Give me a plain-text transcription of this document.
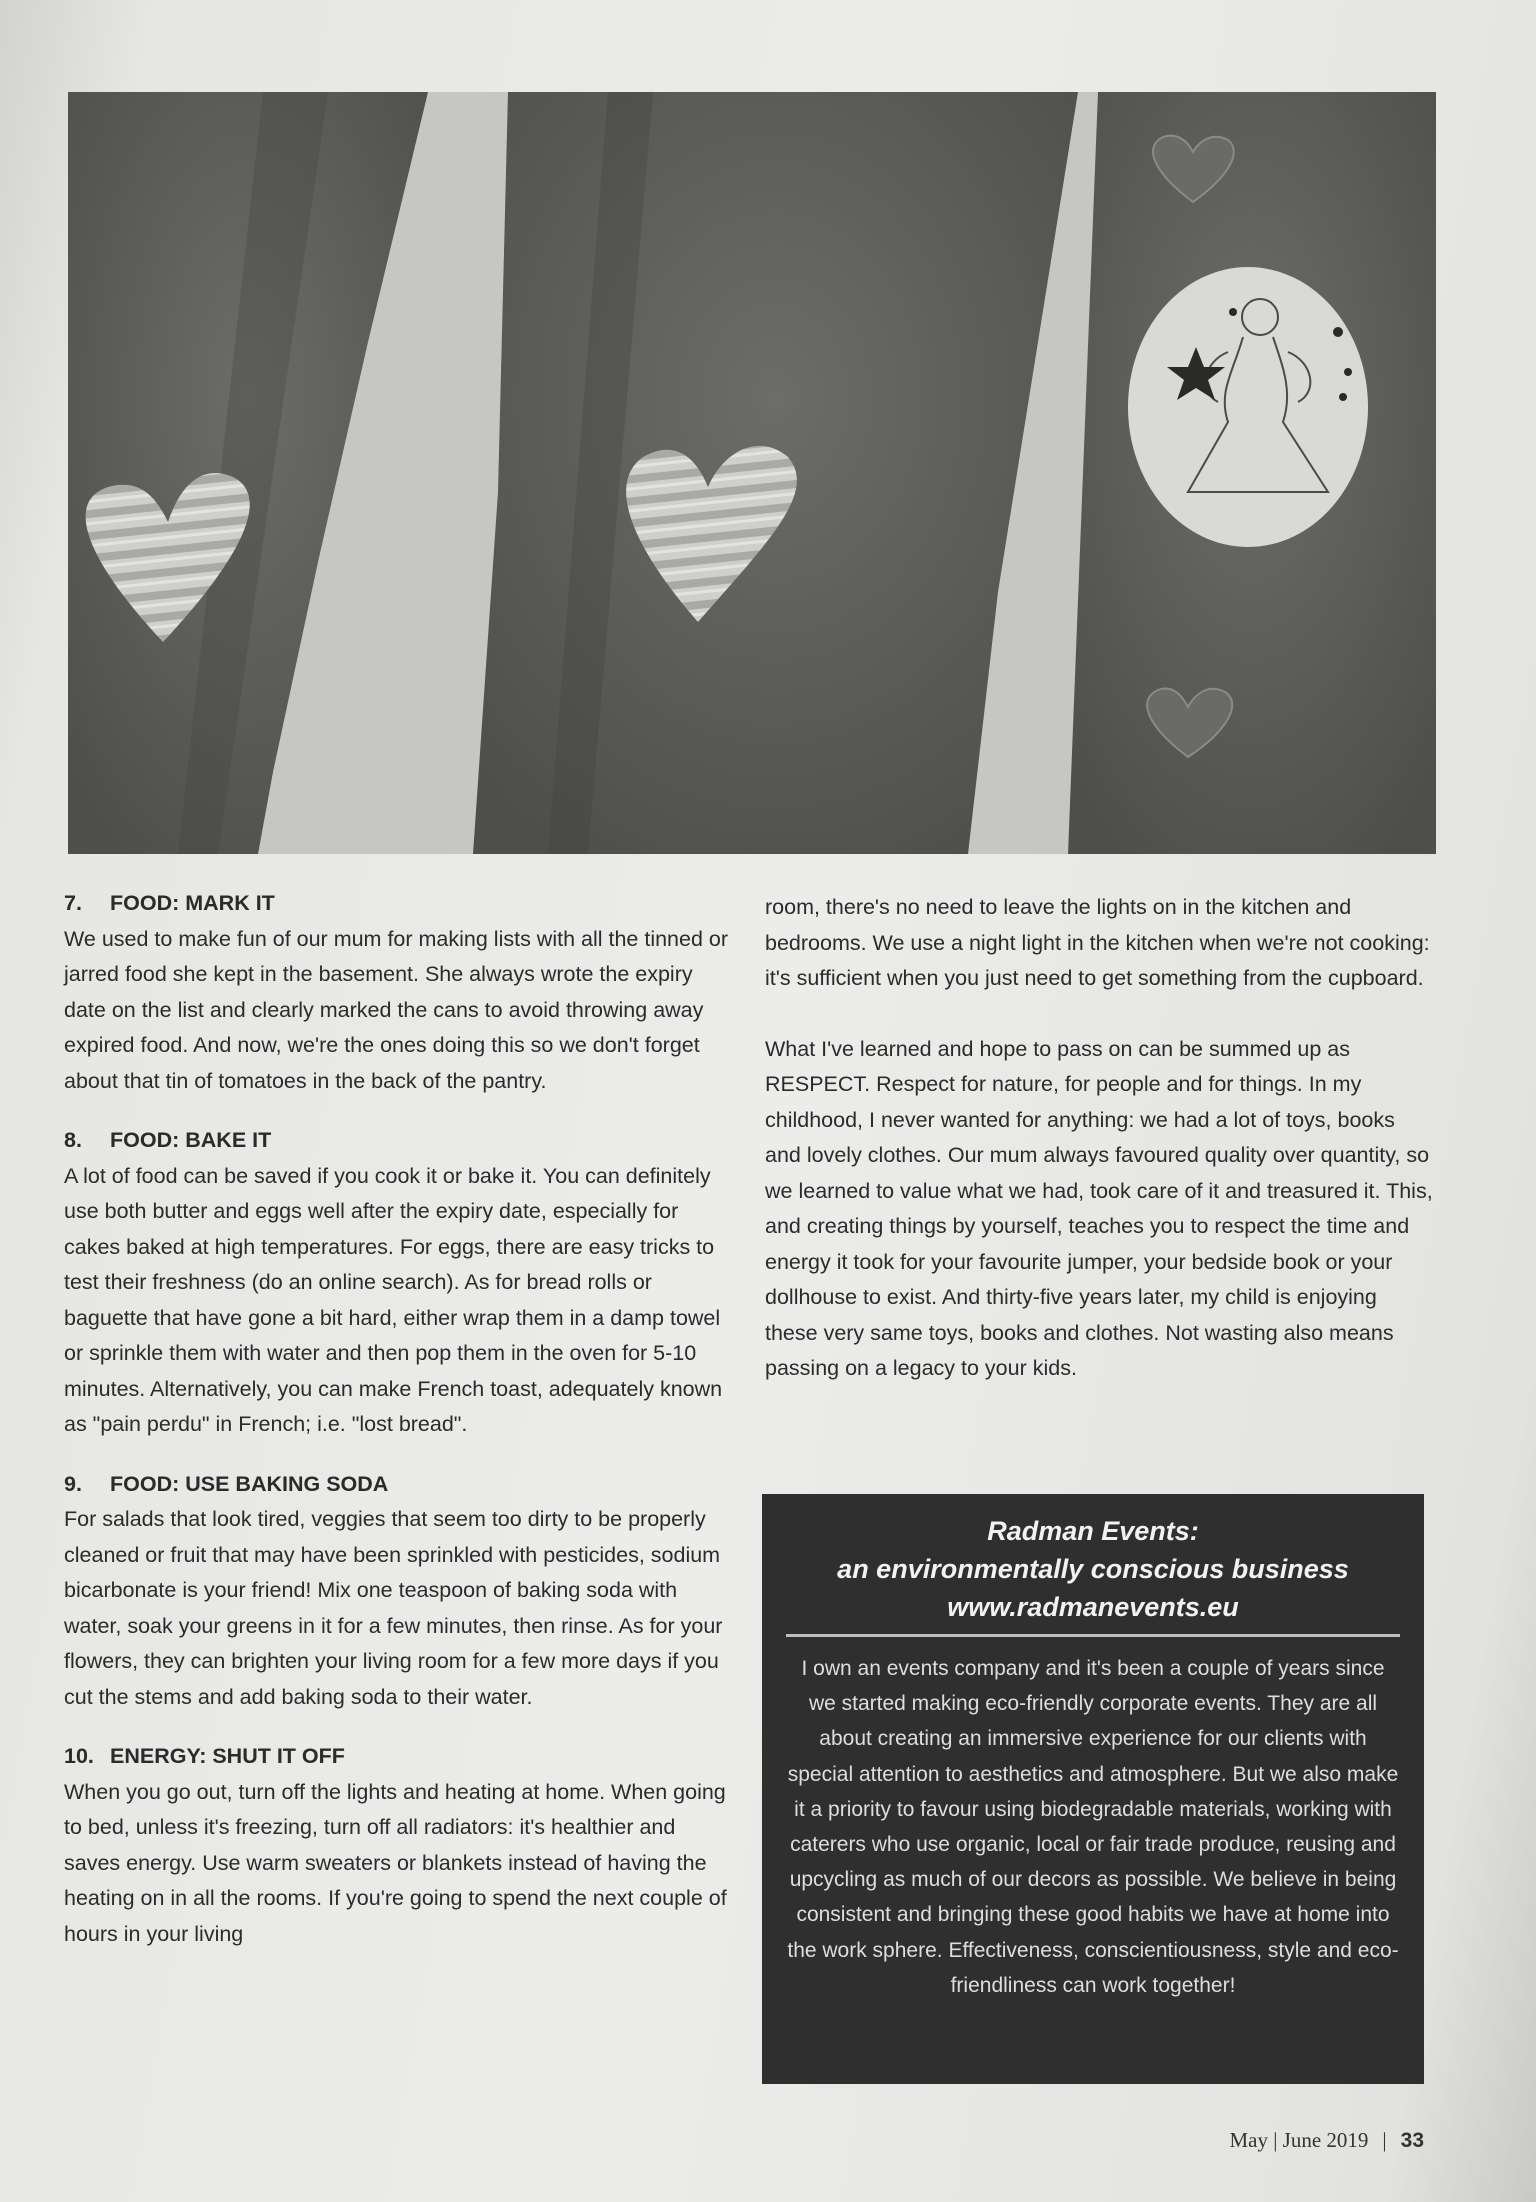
7. FOOD: MARK IT

We used to make fun of our mum for making lists with all the tinned or jarred food she kept in the basement. She always wrote the expiry date on the list and clearly marked the cans to avoid throwing away expired food. And now, we're the ones doing this so we don't forget about that tin of tomatoes in the back of the pantry.

8. FOOD: BAKE IT

A lot of food can be saved if you cook it or bake it. You can definitely use both butter and eggs well after the expiry date, especially for cakes baked at high temperatures. For eggs, there are easy tricks to test their freshness (do an online search). As for bread rolls or baguette that have gone a bit hard, either wrap them in a damp towel or sprinkle them with water and then pop them in the oven for 5-10 minutes. Alternatively, you can make French toast, adequately known as "pain perdu" in French; i.e. "lost bread".

9. FOOD: USE BAKING SODA

For salads that look tired, veggies that seem too dirty to be properly cleaned or fruit that may have been sprinkled with pesticides, sodium bicarbonate is your friend! Mix one teaspoon of baking soda with water, soak your greens in it for a few minutes, then rinse. As for your flowers, they can brighten your living room for a few more days if you cut the stems and add baking soda to their water.

10. ENERGY: SHUT IT OFF

When you go out, turn off the lights and heating at home. When going to bed, unless it's freezing, turn off all radiators: it's healthier and saves energy. Use warm sweaters or blankets instead of having the heating on in all the rooms. If you're going to spend the next couple of hours in your living

room, there's no need to leave the lights on in the kitchen and bedrooms. We use a night light in the kitchen when we're not cooking: it's sufficient when you just need to get something from the cupboard.

What I've learned and hope to pass on can be summed up as RESPECT. Respect for nature, for people and for things. In my childhood, I never wanted for anything: we had a lot of toys, books and lovely clothes. Our mum always favoured quality over quantity, so we learned to value what we had, took care of it and treasured it. This, and creating things by yourself, teaches you to respect the time and energy it took for your favourite jumper, your bedside book or your dollhouse to exist. And thirty-five years later, my child is enjoying these very same toys, books and clothes. Not wasting also means passing on a legacy to your kids.

Radman Events:
an environmentally conscious business
www.radmanevents.eu
I own an events company and it's been a couple of years since we started making eco-friendly corporate events. They are all about creating an immersive experience for our clients with special attention to aesthetics and atmosphere. But we also make it a priority to favour using biodegradable materials, working with caterers who use organic, local or fair trade produce, reusing and upcycling as much of our decors as possible. We believe in being consistent and bringing these good habits we have at home into the work sphere. Effectiveness, conscientiousness, style and eco-friendliness can work together!
May | June 2019 | 33
